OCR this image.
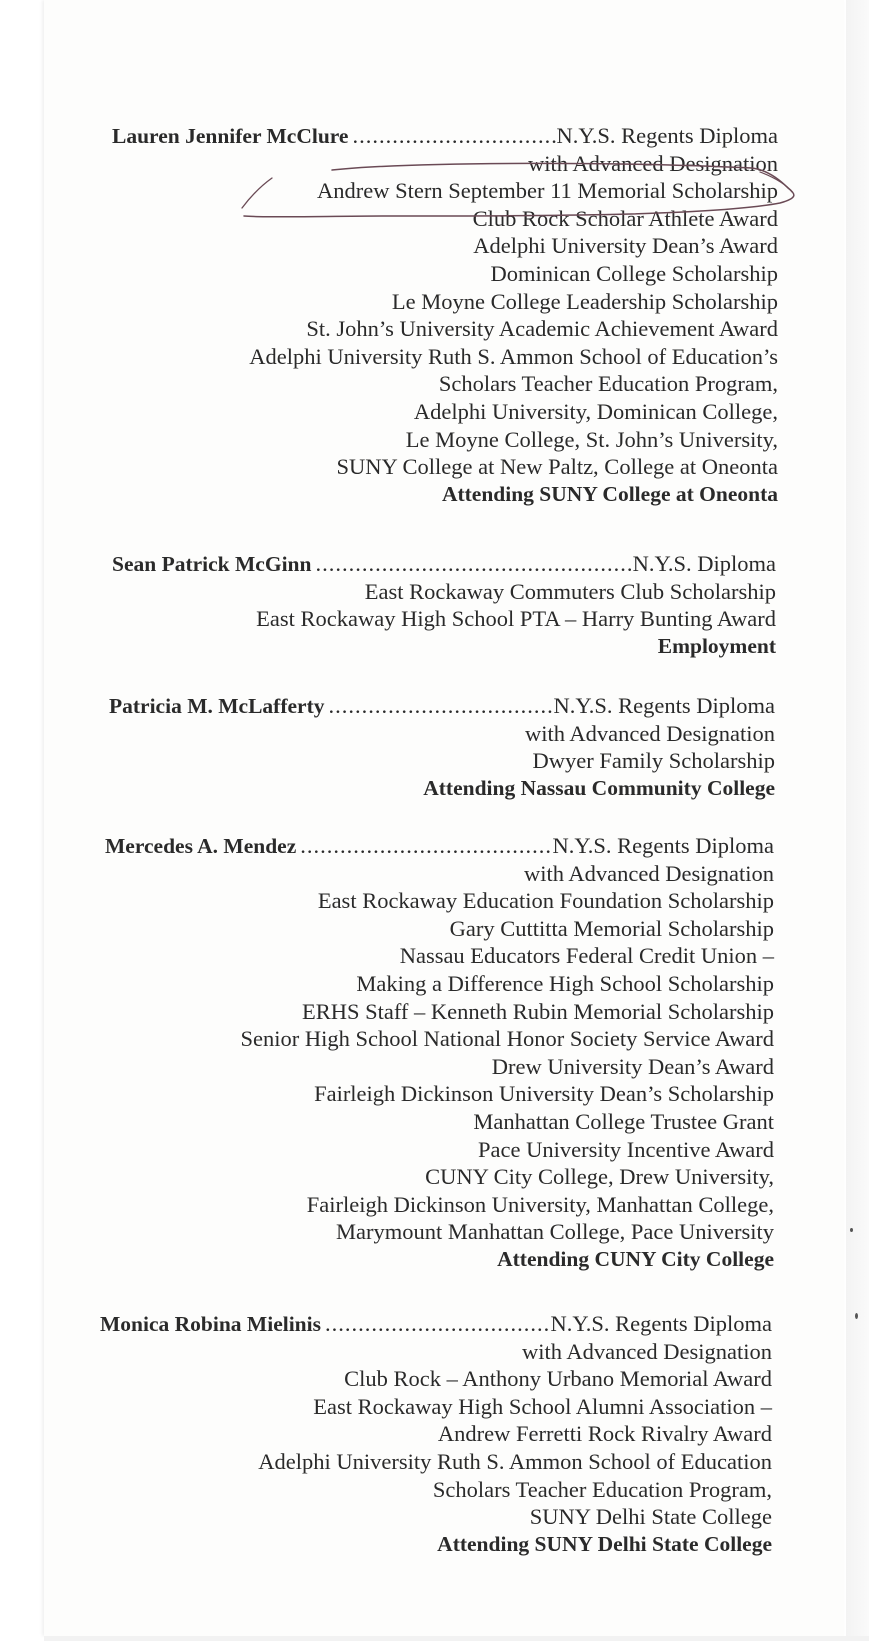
Lauren Jennifer McClure .....	N.Y.S. Regents Diploma
with Advanced Designation
Andrew Stern September 11 Memorial Scholarship
Club Rock Scholar Athlete Award
Adelphi University Dean’s Award
Dominican College Scholarship
Le Moyne College Leadership Scholarship
St. John’s University Academic Achievement Award
Adelphi University Ruth S. Ammon School of Education’s
Scholars Teacher Education Program,
Adelphi University, Dominican College,
Le Moyne College, St. John’s University,
SUNY College at New Paltz, College at Oneonta
Attending SUNY College at Oneonta
Sean Patrick McGinn .....	N.Y.S. Diploma
East Rockaway Commuters Club Scholarship
East Rockaway High School PTA – Harry Bunting Award
Employment
Patricia M. McLafferty .....	N.Y.S. Regents Diploma
with Advanced Designation
Dwyer Family Scholarship
Attending Nassau Community College
Mercedes A. Mendez .....	N.Y.S. Regents Diploma
with Advanced Designation
East Rockaway Education Foundation Scholarship
Gary Cuttitta Memorial Scholarship
Nassau Educators Federal Credit Union –
Making a Difference High School Scholarship
ERHS Staff – Kenneth Rubin Memorial Scholarship
Senior High School National Honor Society Service Award
Drew University Dean’s Award
Fairleigh Dickinson University Dean’s Scholarship
Manhattan College Trustee Grant
Pace University Incentive Award
CUNY City College, Drew University,
Fairleigh Dickinson University, Manhattan College,
Marymount Manhattan College, Pace University
Attending CUNY City College
Monica Robina Mielinis .....	N.Y.S. Regents Diploma
with Advanced Designation
Club Rock – Anthony Urbano Memorial Award
East Rockaway High School Alumni Association –
Andrew Ferretti Rock Rivalry Award
Adelphi University Ruth S. Ammon School of Education
Scholars Teacher Education Program,
SUNY Delhi State College
Attending SUNY Delhi State College
